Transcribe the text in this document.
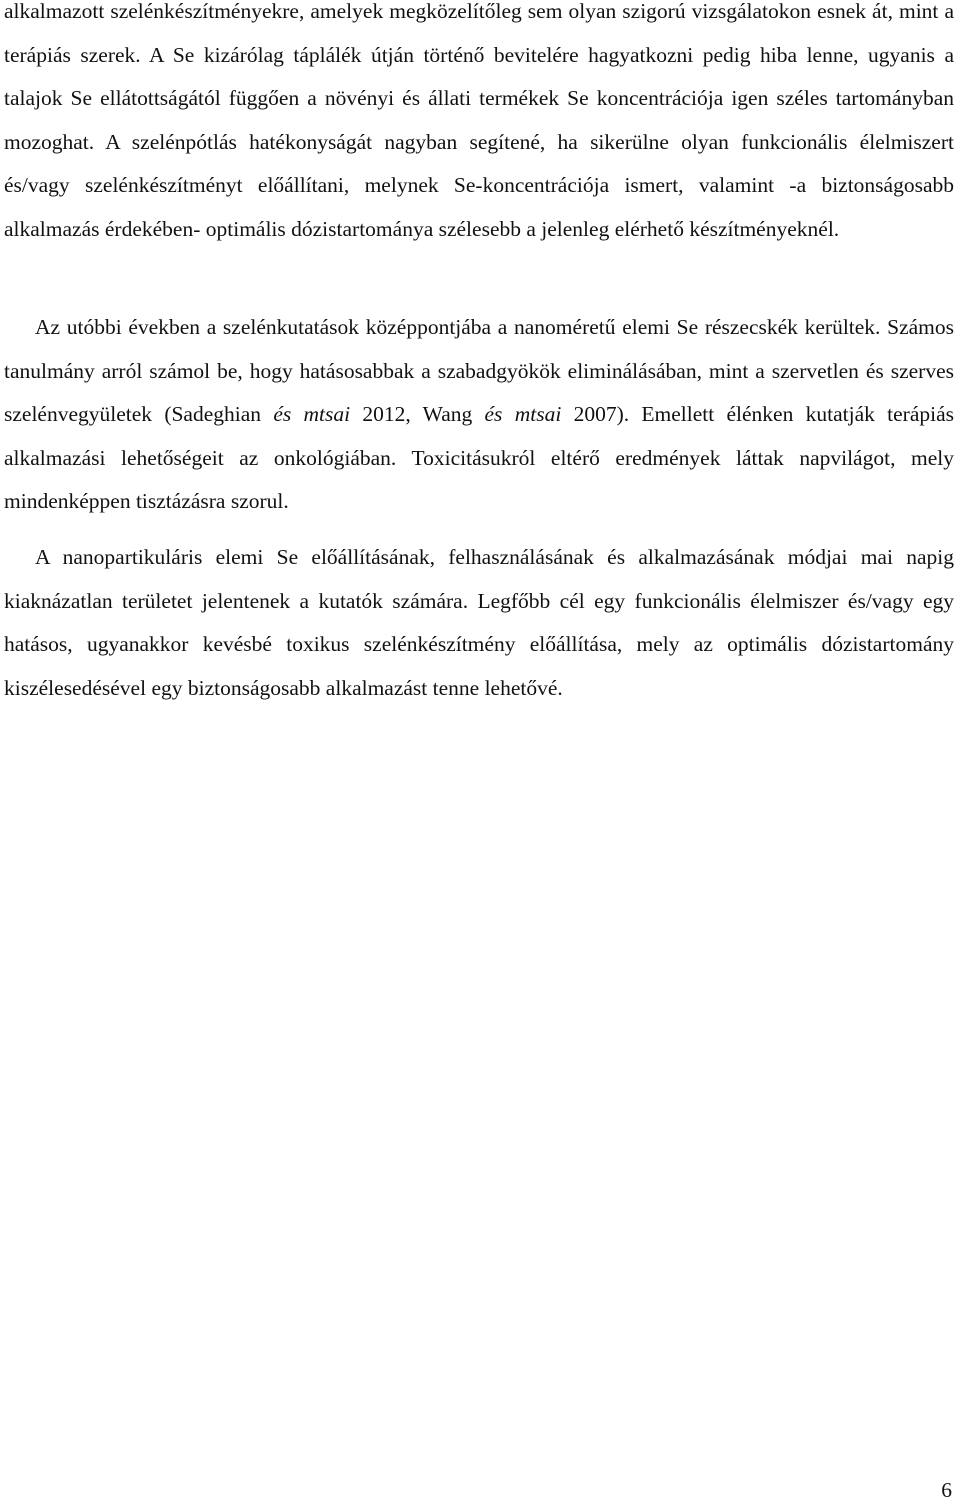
alkalmazott szelénkészítményekre, amelyek megközelítőleg sem olyan szigorú vizsgálatokon esnek át, mint a terápiás szerek. A Se kizárólag táplálék útján történő bevitelére hagyatkozni pedig hiba lenne, ugyanis a talajok Se ellátottságától függően a növényi és állati termékek Se koncentrációja igen széles tartományban mozoghat. A szelénpótlás hatékonyságát nagyban segítené, ha sikerülne olyan funkcionális élelmiszert és/vagy szelénkészítményt előállítani, melynek Se-koncentrációja ismert, valamint -a biztonságosabb alkalmazás érdekében- optimális dózistartománya szélesebb a jelenleg elérhető készítményeknél.

Az utóbbi években a szelénkutatások középpontjába a nanoméretű elemi Se részecskék kerültek. Számos tanulmány arról számol be, hogy hatásosabbak a szabadgyökök eliminálásában, mint a szervetlen és szerves szelénvegyületek (Sadeghian és mtsai 2012, Wang és mtsai 2007). Emellett élénken kutatják terápiás alkalmazási lehetőségeit az onkológiában. Toxicitásukról eltérő eredmények láttak napvilágot, mely mindenképpen tisztázásra szorul.

A nanopartikuláris elemi Se előállításának, felhasználásának és alkalmazásának módjai mai napig kiaknázatlan területet jelentenek a kutatók számára. Legfőbb cél egy funkcionális élelmiszer és/vagy egy hatásos, ugyanakkor kevésbé toxikus szelénkészítmény előállítása, mely az optimális dózistartomány kiszélesedésével egy biztonságosabb alkalmazást tenne lehetővé.

6
